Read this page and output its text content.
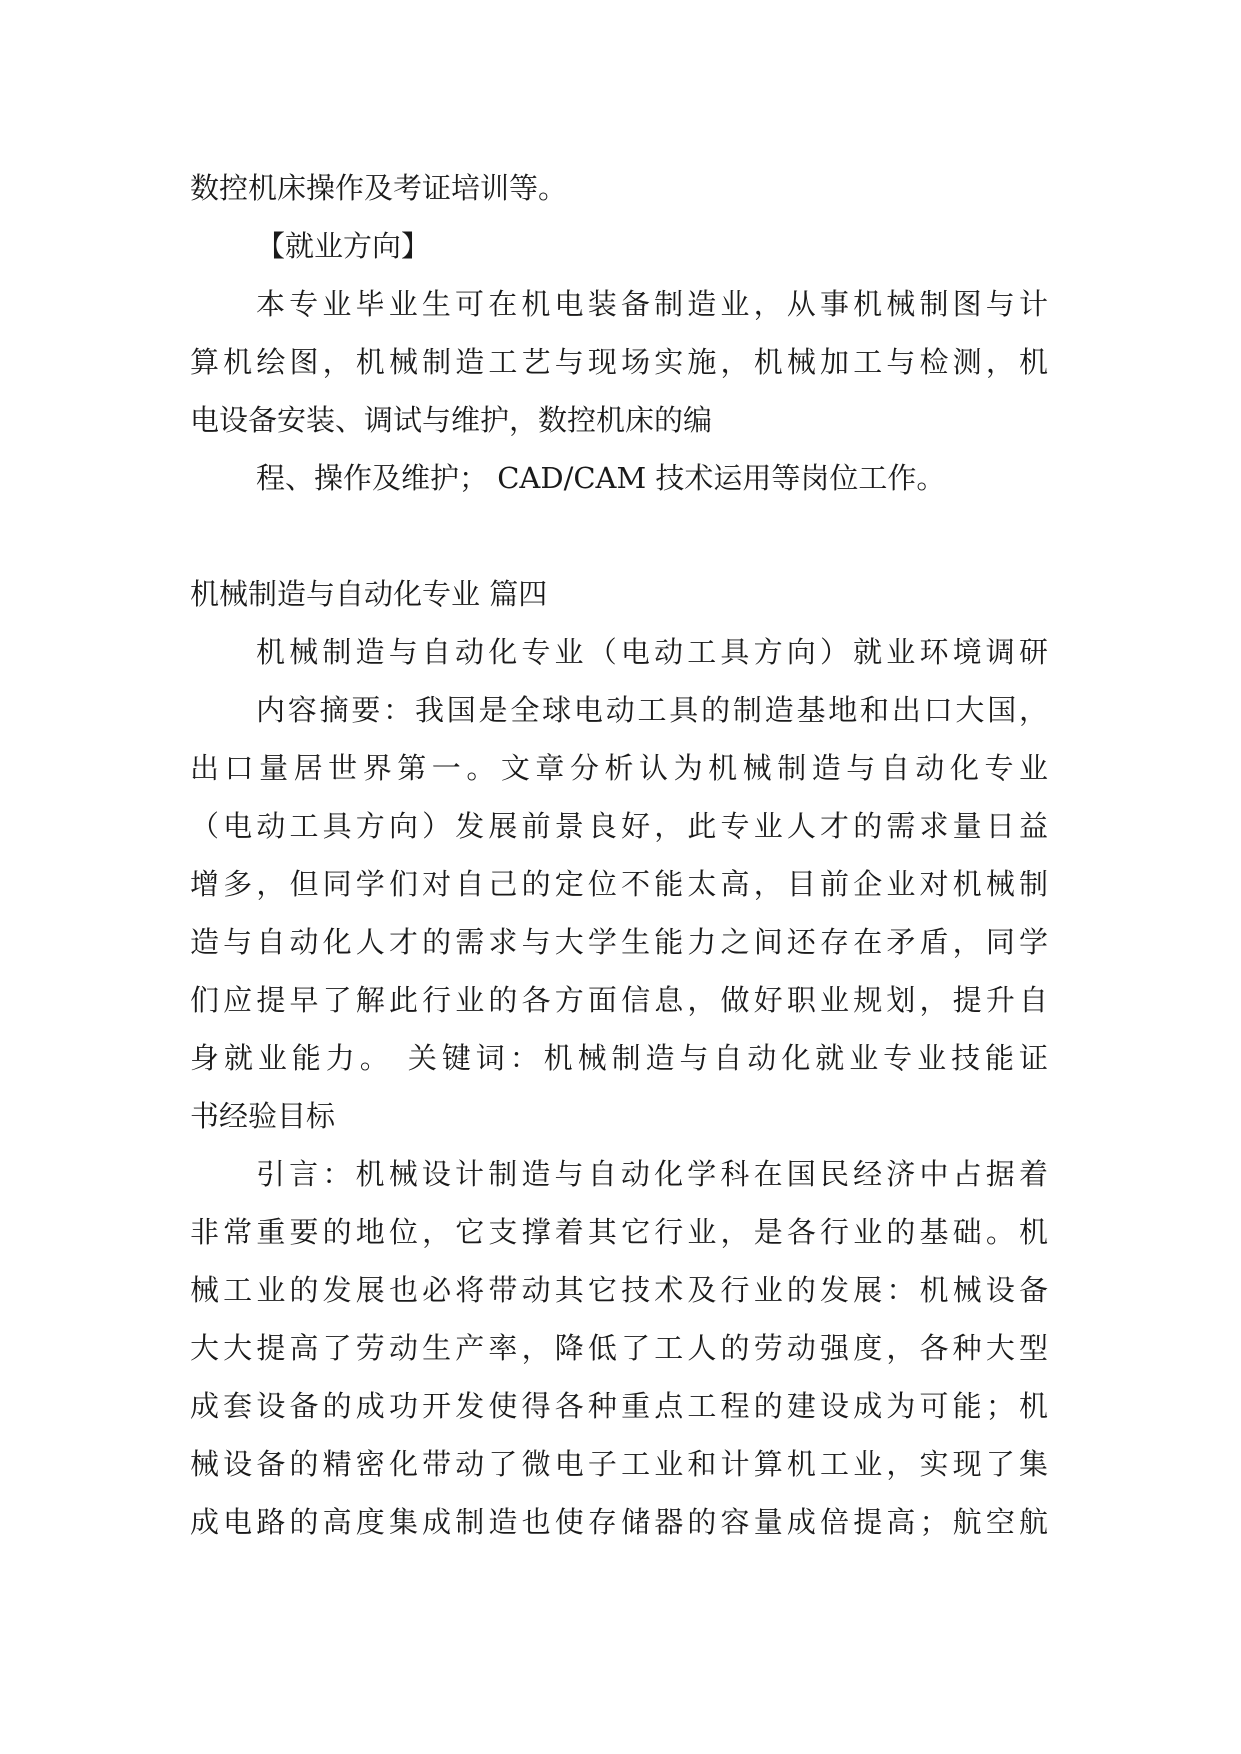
数控机床操作及考证培训等。
【就业方向】
本专业毕业生可在机电装备制造业，从事机械制图与计
算机绘图，机械制造工艺与现场实施，机械加工与检测，机
电设备安装、调试与维护，数控机床的编
程、操作及维护； CAD/CAM 技术运用等岗位工作。
机械制造与自动化专业 篇四
机械制造与自动化专业（电动工具方向）就业环境调研
内容摘要：我国是全球电动工具的制造基地和出口大国，
出口量居世界第一。文章分析认为机械制造与自动化专业
（电动工具方向）发展前景良好，此专业人才的需求量日益
增多，但同学们对自己的定位不能太高，目前企业对机械制
造与自动化人才的需求与大学生能力之间还存在矛盾，同学
们应提早了解此行业的各方面信息，做好职业规划，提升自
身就业能力。 关键词：机械制造与自动化就业专业技能证
书经验目标
引言：机械设计制造与自动化学科在国民经济中占据着
非常重要的地位，它支撑着其它行业，是各行业的基础。机
械工业的发展也必将带动其它技术及行业的发展：机械设备
大大提高了劳动生产率，降低了工人的劳动强度，各种大型
成套设备的成功开发使得各种重点工程的建设成为可能；机
械设备的精密化带动了微电子工业和计算机工业，实现了集
成电路的高度集成制造也使存储器的容量成倍提高；航空航
